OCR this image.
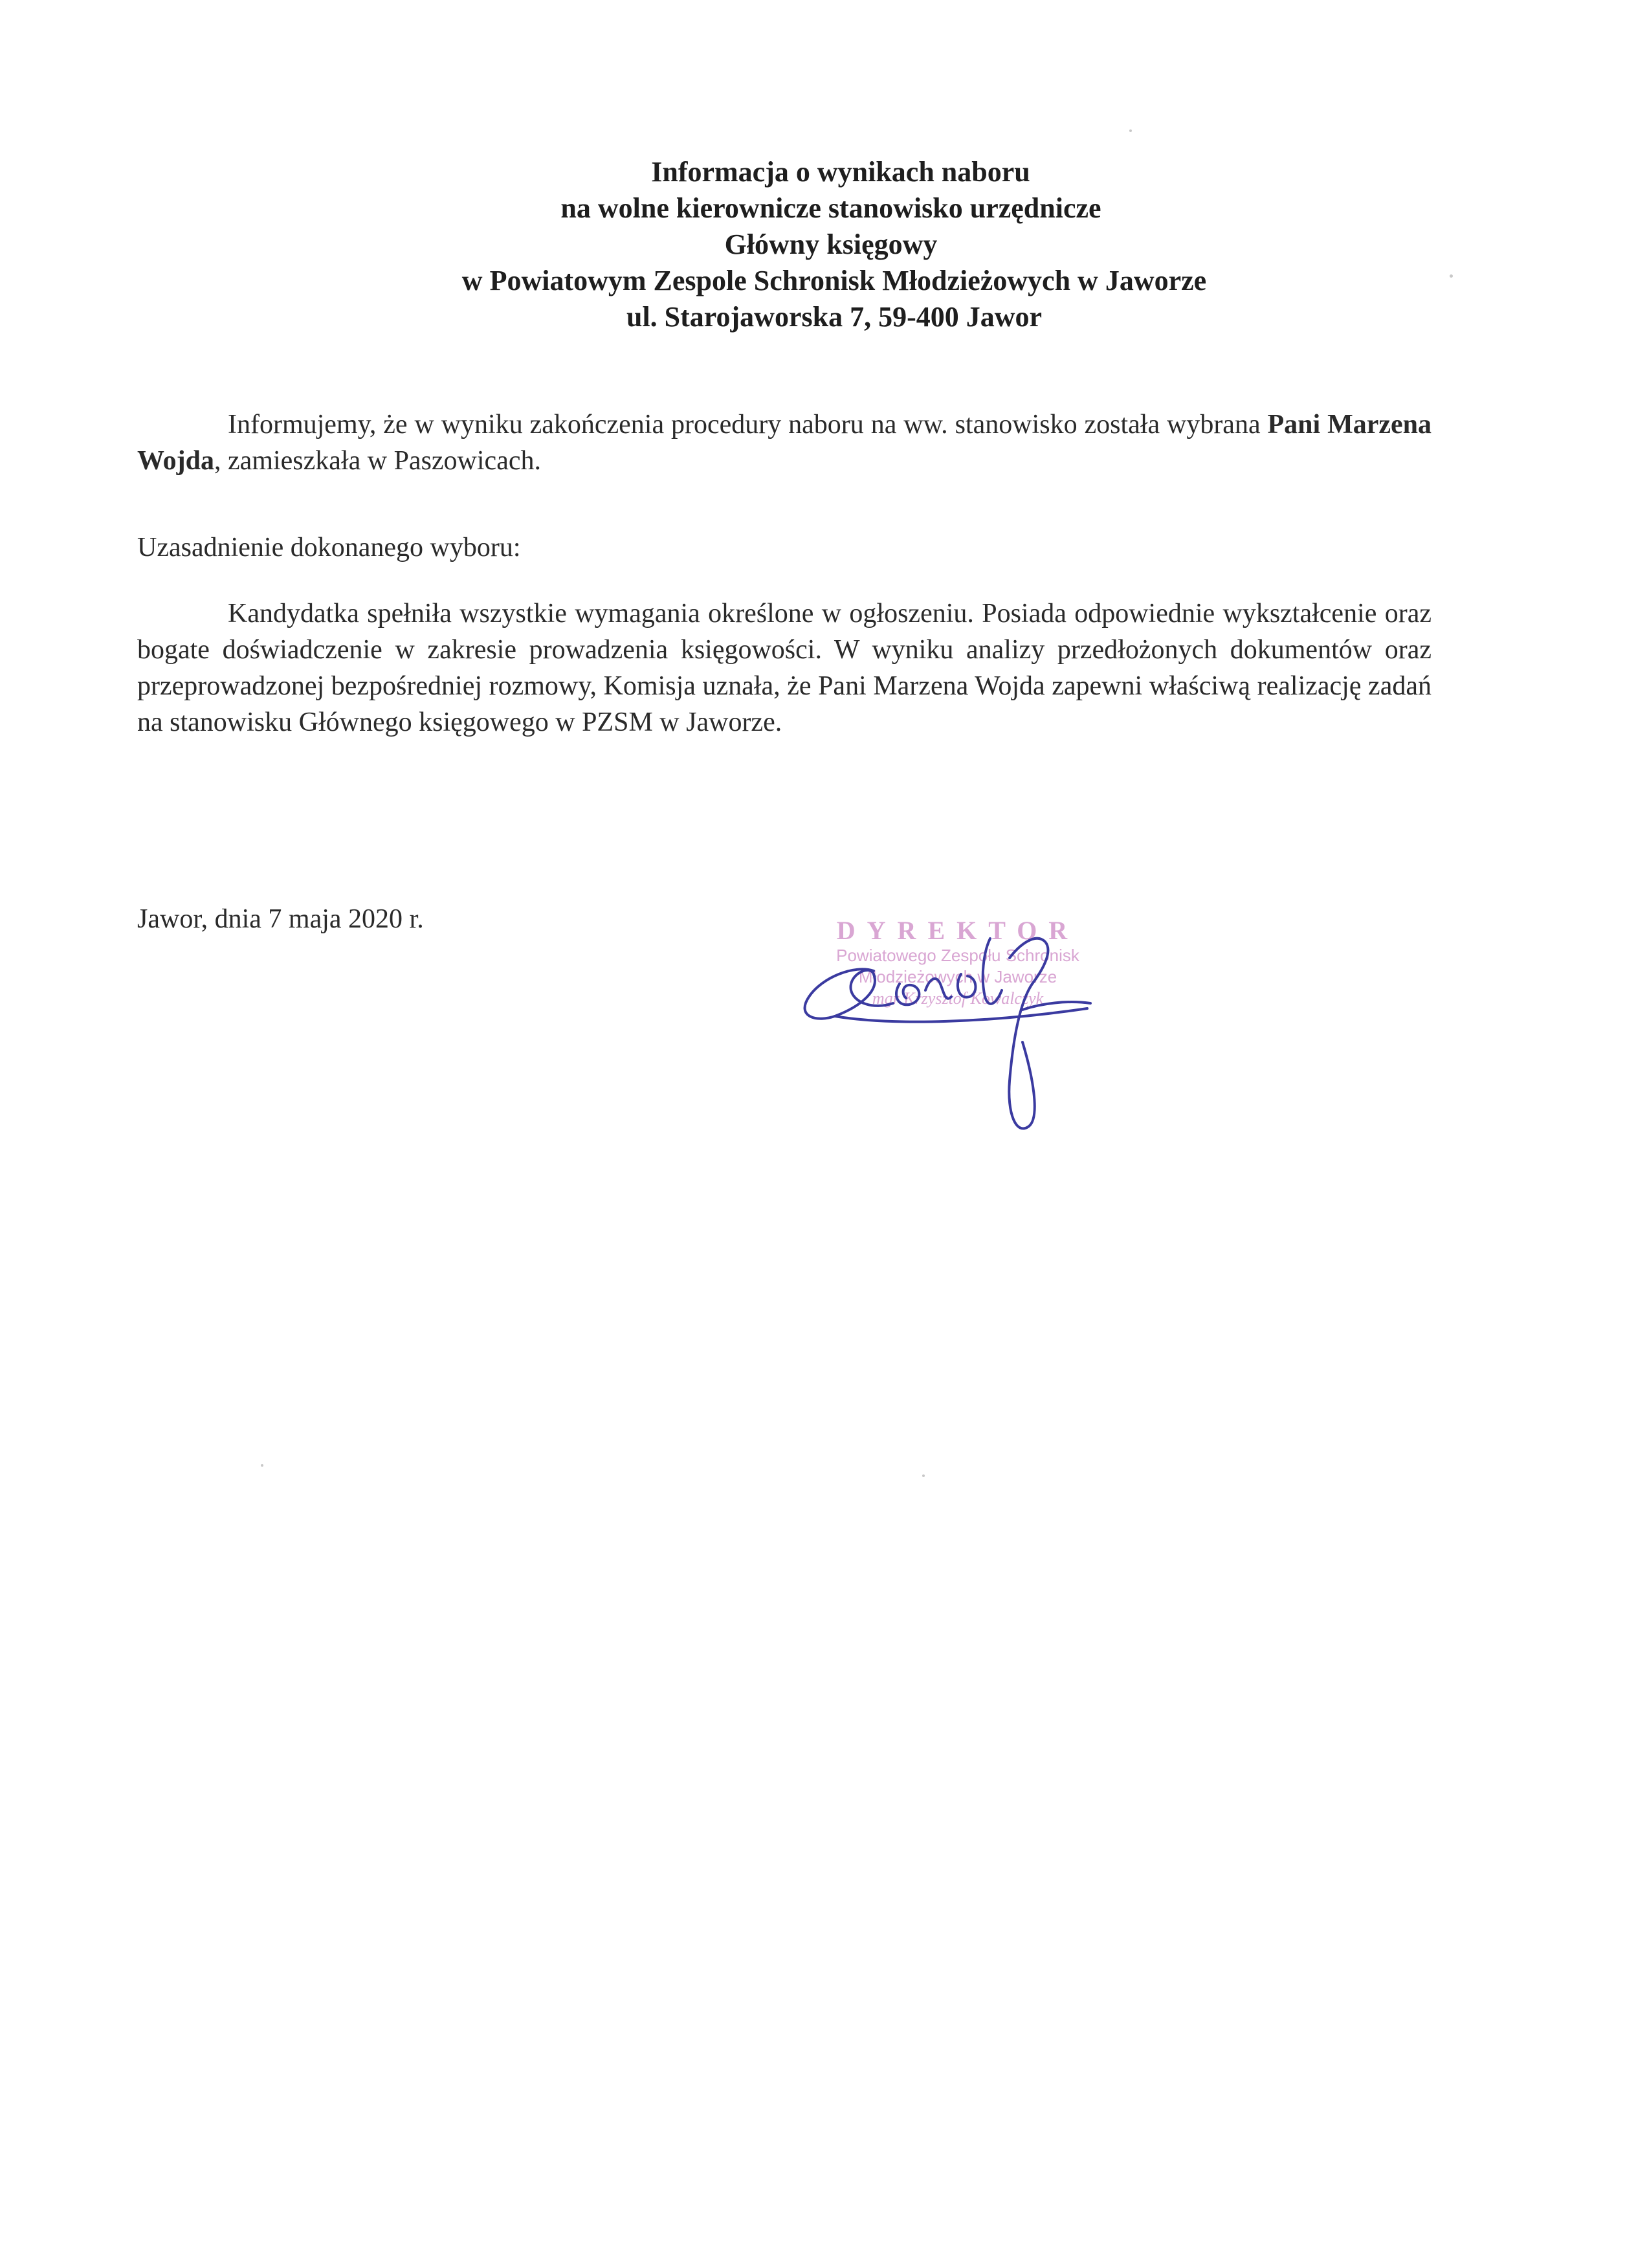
Informacja o wynikach naboru
na wolne kierownicze stanowisko urzędnicze
Główny księgowy
w Powiatowym Zespole Schronisk Młodzieżowych w Jaworze
ul. Starojaworska 7, 59-400 Jawor
Informujemy, że w wyniku zakończenia procedury naboru na ww. stanowisko została wybrana Pani Marzena Wojda, zamieszkała w Paszowicach.
Uzasadnienie dokonanego wyboru:
Kandydatka spełniła wszystkie wymagania określone w ogłoszeniu. Posiada odpowiednie wykształcenie oraz bogate doświadczenie w zakresie prowadzenia księgowości. W wyniku analizy przedłożonych dokumentów oraz przeprowadzonej bezpośredniej rozmowy, Komisja uznała, że Pani Marzena Wojda zapewni właściwą realizację zadań na stanowisku Głównego księgowego w PZSM w Jaworze.
Jawor, dnia 7 maja 2020 r.	DYREKTOR
Powiatowego Zespołu Schronisk
Młodzieżowych w Jaworze
mgr Krzysztof Kowalczyk
